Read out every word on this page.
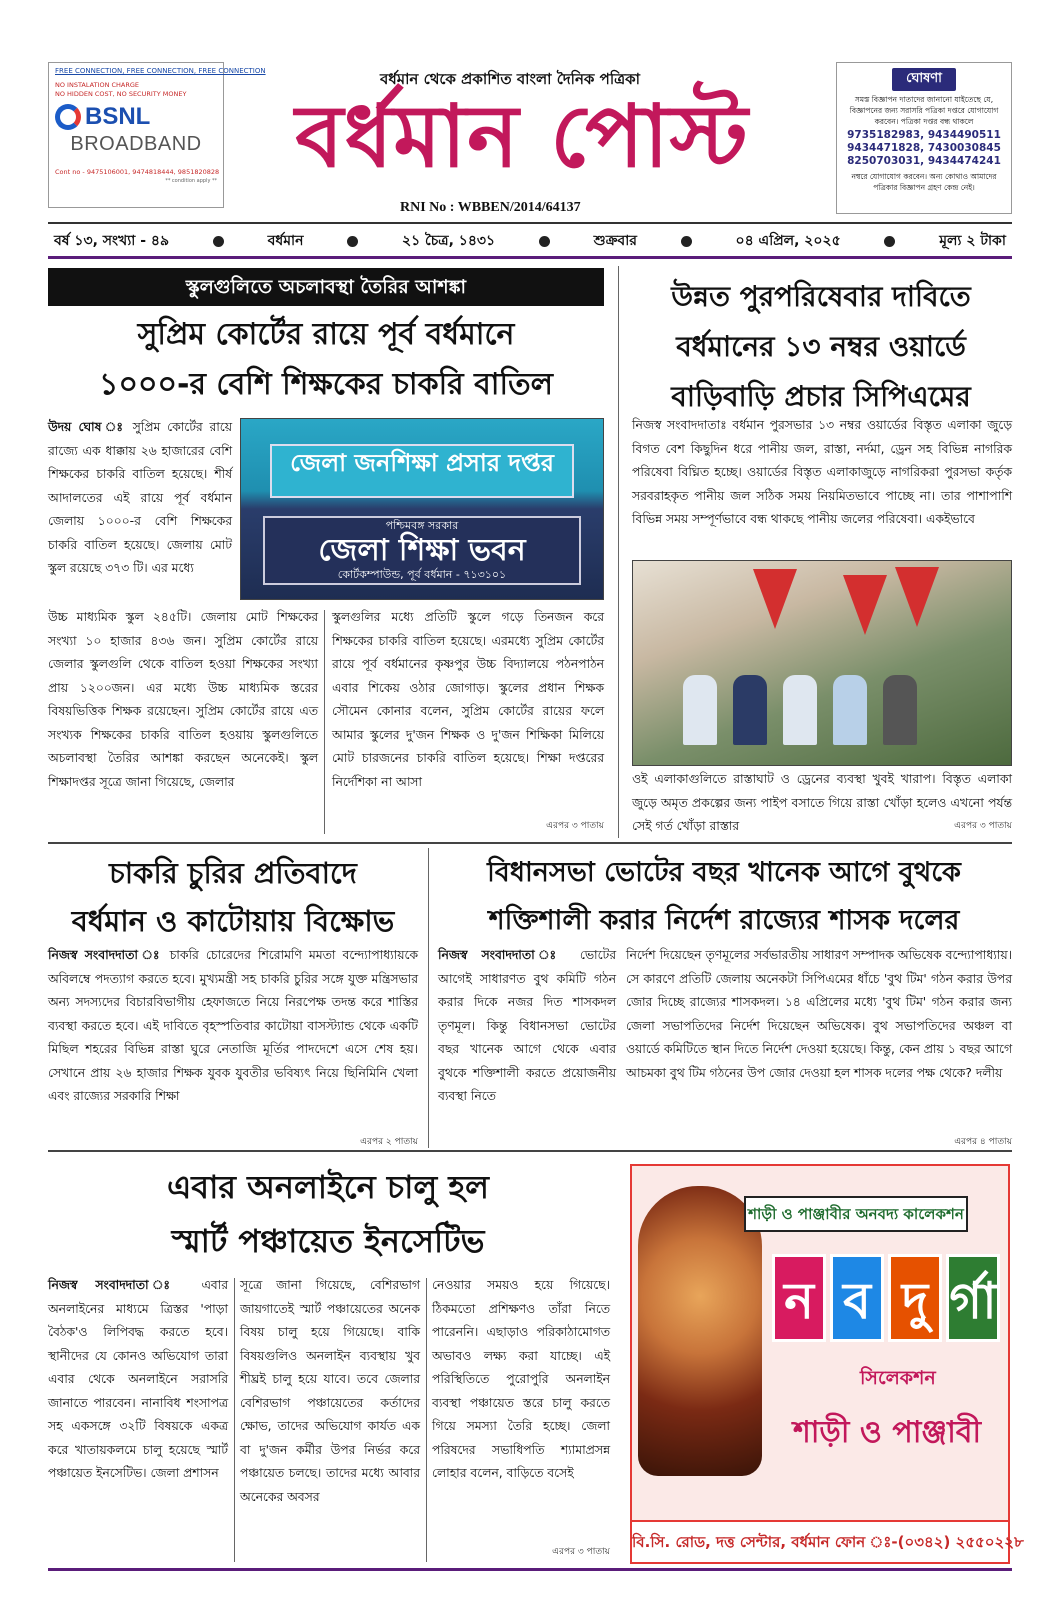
FREE CONNECTION, FREE CONNECTION, FREE CONNECTION
NO INSTALATION CHARGE
NO HIDDEN COST, NO SECURITY MONEY
BSNL
BROADBAND
Cont no - 9475106001, 9474818444, 9851820828
** condition apply **
বর্ধমান থেকে প্রকাশিত বাংলা দৈনিক পত্রিকা
বর্ধমান পোস্ট
RNI No : WBBEN/2014/64137
ঘোষণা
সমস্ত বিজ্ঞাপন দাতাদের জানানো যাইতেছে যে, বিজ্ঞাপনের জন্য সরাসরি পত্রিকা দপ্তরে যোগাযোগ করবেন। পত্রিকা দপ্তর বন্ধ থাকলে
9735182983, 9434490511
9434471828, 7430030845
8250703031, 9434474241
নম্বরে যোগাযোগ করবেন। অন্য কোথাও আমাদের পত্রিকার বিজ্ঞাপন গ্রহণ কেন্দ্র নেই।
বর্ষ ১৩, সংখ্যা - ৪৯	বর্ধমান	২১ চৈত্র, ১৪৩১	শুক্রবার	০৪ এপ্রিল, ২০২৫	মূল্য ২ টাকা
স্কুলগুলিতে অচলাবস্থা তৈরির আশঙ্কা
সুপ্রিম কোর্টের রায়ে পূর্ব বর্ধমানে
১০০০-র বেশি শিক্ষকের চাকরি বাতিল
উদয় ঘোষ ঃ সুপ্রিম কোর্টের রায়ে রাজ্যে এক ধাক্কায় ২৬ হাজারের বেশি শিক্ষকের চাকরি বাতিল হয়েছে। শীর্ষ আদালতের এই রায়ে পূর্ব বর্ধমান জেলায় ১০০০-র বেশি শিক্ষকের চাকরি বাতিল হয়েছে। জেলায় মোট স্কুল রয়েছে ৩৭৩ টি। এর মধ্যে
জেলা জনশিক্ষা প্রসার দপ্তর
পশ্চিমবঙ্গ সরকার
জেলা শিক্ষা ভবন
কোর্টকম্পাউন্ড, পূর্ব বর্ধমান - ৭১৩১০১
উচ্চ মাধ্যমিক স্কুল ২৪৫টি। জেলায় মোট শিক্ষকের সংখ্যা ১০ হাজার ৪৩৬ জন। সুপ্রিম কোর্টের রায়ে জেলার স্কুলগুলি থেকে বাতিল হওয়া শিক্ষকের সংখ্যা প্রায় ১২০০জন। এর মধ্যে উচ্চ মাধ্যমিক স্তরের বিষয়ভিত্তিক শিক্ষক রয়েছেন। সুপ্রিম কোর্টের রায়ে এত সংখ্যক শিক্ষকের চাকরি বাতিল হওয়ায় স্কুলগুলিতে অচলাবস্থা তৈরির আশঙ্কা করছেন অনেকেই। স্কুল শিক্ষাদপ্তর সূত্রে জানা গিয়েছে, জেলার
স্কুলগুলির মধ্যে প্রতিটি স্কুলে গড়ে তিনজন করে শিক্ষকের চাকরি বাতিল হয়েছে। এরমধ্যে সুপ্রিম কোর্টের রায়ে পূর্ব বর্ধমানের কৃষ্ণপুর উচ্চ বিদ্যালয়ে পঠনপাঠন এবার শিকেয় ওঠার জোগাড়। স্কুলের প্রধান শিক্ষক সৌমেন কোনার বলেন, সুপ্রিম কোর্টের রায়ের ফলে আমার স্কুলের দু'জন শিক্ষক ও দু'জন শিক্ষিকা মিলিয়ে মোট চারজনের চাকরি বাতিল হয়েছে। শিক্ষা দপ্তরের নির্দেশিকা না আসা
এরপর ৩ পাতায়
উন্নত পুরপরিষেবার দাবিতে
বর্ধমানের ১৩ নম্বর ওয়ার্ডে
বাড়িবাড়ি প্রচার সিপিএমের
নিজস্ব সংবাদদাতাঃ বর্ধমান পুরসভার ১৩ নম্বর ওয়ার্ডের বিস্তৃত এলাকা জুড়ে বিগত বেশ কিছুদিন ধরে পানীয় জল, রাস্তা, নর্দমা, ড্রেন সহ বিভিন্ন নাগরিক পরিষেবা বিঘ্নিত হচ্ছে। ওয়ার্ডের বিস্তৃত এলাকাজুড়ে নাগরিকরা পুরসভা কর্তৃক সরবরাহকৃত পানীয় জল সঠিক সময় নিয়মিতভাবে পাচ্ছে না। তার পাশাপাশি বিভিন্ন সময় সম্পূর্ণভাবে বন্ধ থাকছে পানীয় জলের পরিষেবা। একইভাবে
ওই এলাকাগুলিতে রাস্তাঘাট ও ড্রেনের ব্যবস্থা খুবই খারাপ। বিস্তৃত এলাকা জুড়ে অমৃত প্রকল্পের জন্য পাইপ বসাতে গিয়ে রাস্তা খোঁড়া হলেও এখনো পর্যন্ত সেই গর্ত খোঁড়া রাস্তার	এরপর ৩ পাতায়
চাকরি চুরির প্রতিবাদে
বর্ধমান ও কাটোয়ায় বিক্ষোভ
নিজস্ব সংবাদদাতা ঃ চাকরি চোরেদের শিরোমণি মমতা বন্দ্যোপাধ্যায়কে অবিলম্বে পদত্যাগ করতে হবে। মুখ্যমন্ত্রী সহ চাকরি চুরির সঙ্গে যুক্ত মন্ত্রিসভার অন্য সদস্যদের বিচারবিভাগীয় হেফাজতে নিয়ে নিরপেক্ষ তদন্ত করে শাস্তির ব্যবস্থা করতে হবে। এই দাবিতে বৃহস্পতিবার কাটোয়া বাসস্ট্যান্ড থেকে একটি মিছিল শহরের বিভিন্ন রাস্তা ঘুরে নেতাজি মূর্তির পাদদেশে এসে শেষ হয়। সেখানে প্রায় ২৬ হাজার শিক্ষক যুবক যুবতীর ভবিষ্যৎ নিয়ে ছিনিমিনি খেলা এবং রাজ্যের সরকারি শিক্ষা
এরপর ২ পাতায়
বিধানসভা ভোটের বছর খানেক আগে বুথকে
শক্তিশালী করার নির্দেশ রাজ্যের শাসক দলের
নিজস্ব সংবাদদাতা ঃ ভোটের আগেই সাধারণত বুথ কমিটি গঠন করার দিকে নজর দিত শাসকদল তৃণমূল। কিন্তু বিধানসভা ভোটের বছর খানেক আগে থেকে এবার বুথকে শক্তিশালী করতে প্রয়োজনীয় ব্যবস্থা নিতে
নির্দেশ দিয়েছেন তৃণমূলের সর্বভারতীয় সাধারণ সম্পাদক অভিষেক বন্দ্যোপাধ্যায়। সে কারণে প্রতিটি জেলায় অনেকটা সিপিএমের ধাঁচে 'বুথ টিম' গঠন করার উপর জোর দিচ্ছে রাজ্যের শাসকদল। ১৪ এপ্রিলের মধ্যে 'বুথ টিম' গঠন করার জন্য জেলা সভাপতিদের নির্দেশ দিয়েছেন অভিষেক। বুথ সভাপতিদের অঞ্চল বা ওয়ার্ডে কমিটিতে স্থান দিতে নির্দেশ দেওয়া হয়েছে। কিন্তু, কেন প্রায় ১ বছর আগে আচমকা বুথ টিম গঠনের উপ জোর দেওয়া হল শাসক দলের পক্ষ থেকে? দলীয়
এরপর ৪ পাতায়
এবার অনলাইনে চালু হল
স্মার্ট পঞ্চায়েত ইনসেটিভ
নিজস্ব সংবাদদাতা ঃ এবার অনলাইনের মাধ্যমে ত্রিস্তর 'পাড়া বৈঠক'ও লিপিবদ্ধ করতে হবে। স্থানীদের যে কোনও অভিযোগ তারা এবার থেকে অনলাইনে সরাসরি জানাতে পারবেন। নানাবিধ শংসাপত্র সহ একসঙ্গে ৩২টি বিষয়কে একত্র করে খাতায়কলমে চালু হয়েছে স্মার্ট পঞ্চায়েত ইনসেটিভ। জেলা প্রশাসন
সূত্রে জানা গিয়েছে, বেশিরভাগ জায়গাতেই স্মার্ট পঞ্চায়েতের অনেক বিষয় চালু হয়ে গিয়েছে। বাকি বিষয়গুলিও অনলাইন ব্যবস্থায় খুব শীঘ্রই চালু হয়ে যাবে। তবে জেলার বেশিরভাগ পঞ্চায়েতের কর্তাদের ক্ষোভ, তাদের অভিযোগ কার্যত এক বা দু'জন কর্মীর উপর নির্ভর করে পঞ্চায়েত চলছে। তাদের মধ্যে আবার অনেকের অবসর
নেওয়ার সময়ও হয়ে গিয়েছে। ঠিকমতো প্রশিক্ষণও তাঁরা নিতে পারেননি। এছাড়াও পরিকাঠামোগত অভাবও লক্ষ্য করা যাচ্ছে। এই পরিস্থিতিতে পুরোপুরি অনলাইন ব্যবস্থা পঞ্চায়েত স্তরে চালু করতে গিয়ে সমস্যা তৈরি হচ্ছে। জেলা পরিষদের সভাধিপতি শ্যামাপ্রসন্ন লোহার বলেন, বাড়িতে বসেই
এরপর ৩ পাতায়
শাড়ী ও পাঞ্জাবীর অনবদ্য কালেকশন
ন ব দু র্গা
সিলেকশন
শাড়ী ও পাঞ্জাবী
বি.সি. রোড, দত্ত সেন্টার, বর্ধমান ফোন ঃ-(০৩৪২) ২৫৫০২২৮
